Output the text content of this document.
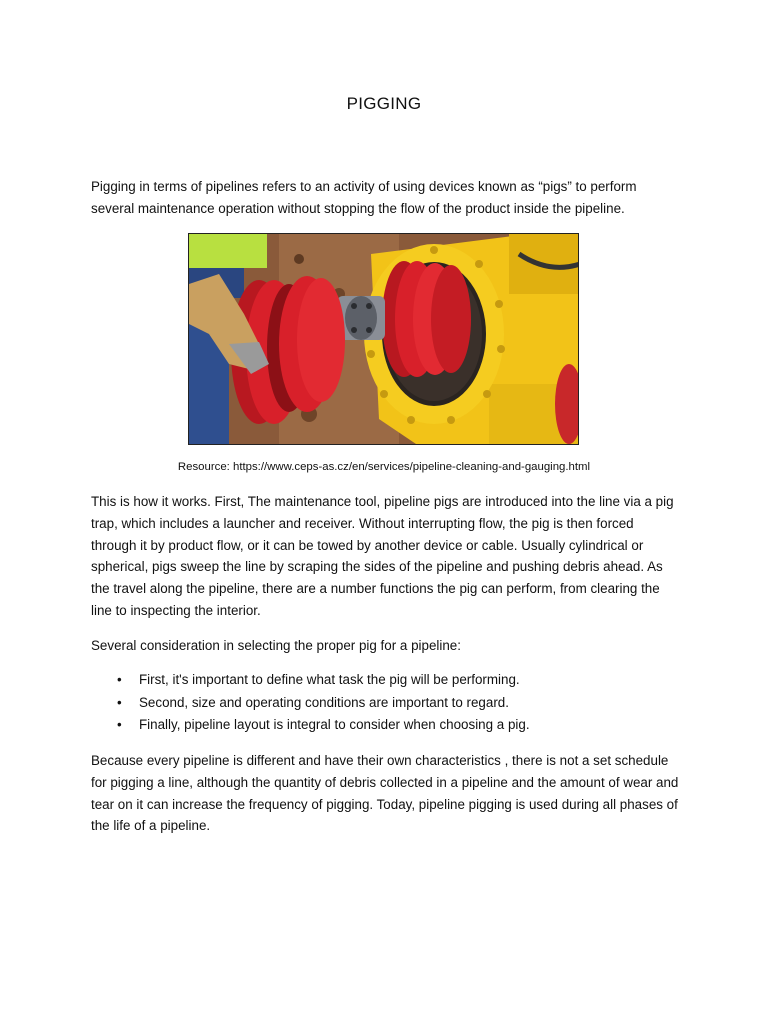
PIGGING
Pigging in terms of pipelines refers to an activity of using devices known as “pigs” to perform several maintenance operation without stopping the flow of the product inside the pipeline.
Resource: https://www.ceps-as.cz/en/services/pipeline-cleaning-and-gauging.html
This is how it works. First, The maintenance tool, pipeline pigs are introduced into the line via a pig trap, which includes a launcher and receiver. Without interrupting flow, the pig is then forced through it by product flow, or it can be towed by another device or cable. Usually cylindrical or spherical, pigs sweep the line by scraping the sides of the pipeline and pushing debris ahead. As the travel along the pipeline, there are a number functions the pig can perform, from clearing the line to inspecting the interior.
Several consideration in selecting the proper pig for a pipeline:
• First, it's important to define what task the pig will be performing.
• Second, size and operating conditions are important to regard.
• Finally, pipeline layout is integral to consider when choosing a pig.
Because every pipeline is different and have their own characteristics , there is not a set schedule for pigging a line, although the quantity of debris collected in a pipeline and the amount of wear and tear on it can increase the frequency of pigging. Today, pipeline pigging is used during all phases of the life of a pipeline.
